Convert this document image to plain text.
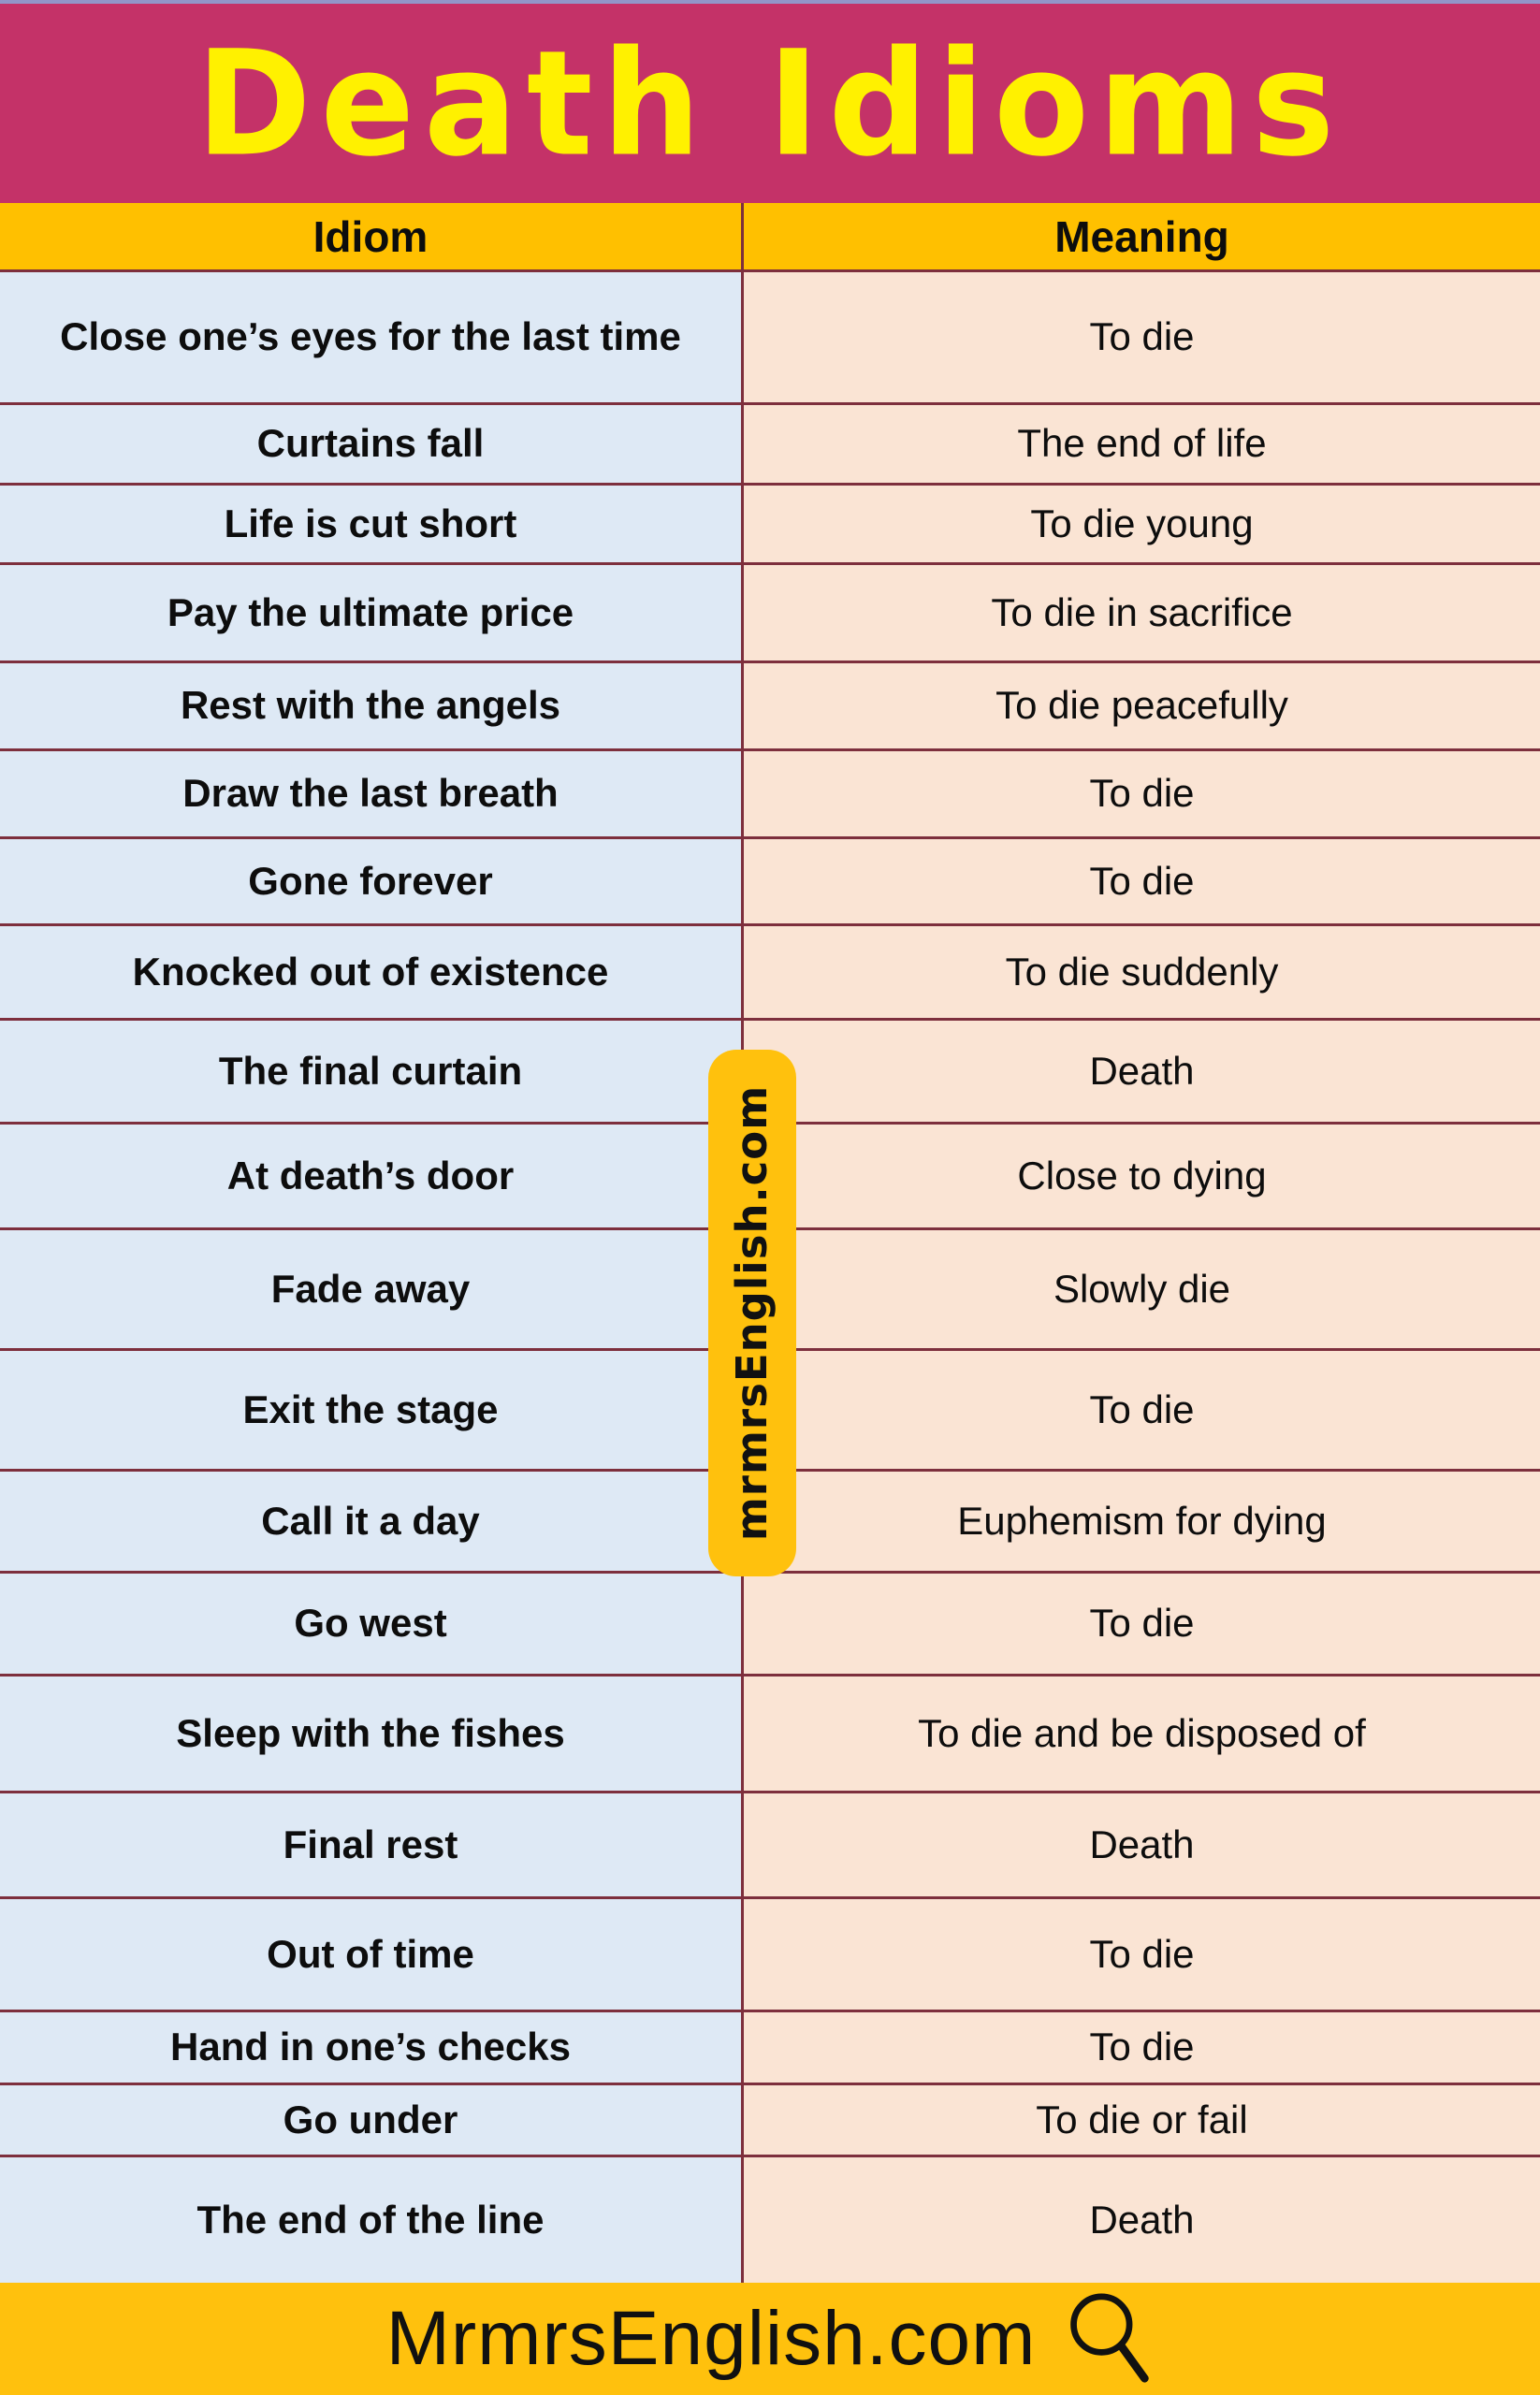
Death Idioms
Idiom	Meaning
Close one’s eyes for the last time	To die
Curtains fall	The end of life
Life is cut short	To die young
Pay the ultimate price	To die in sacrifice
Rest with the angels	To die peacefully
Draw the last breath	To die
Gone forever	To die
Knocked out of existence	To die suddenly
The final curtain	Death
At death’s door	Close to dying
Fade away	Slowly die
Exit the stage	To die
Call it a day	Euphemism for dying
Go west	To die
Sleep with the fishes	To die and be disposed of
Final rest	Death
Out of time	To die
Hand in one’s checks	To die
Go under	To die or fail
The end of the line	Death
mrmrsEnglish.com
MrmrsEnglish.com
